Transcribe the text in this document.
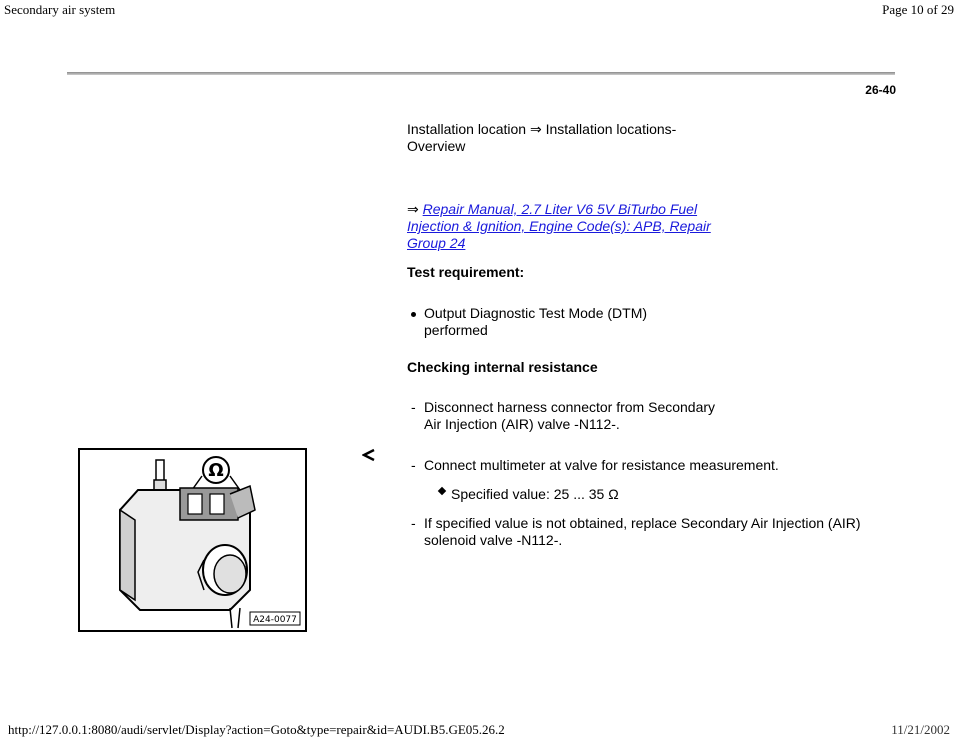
Secondary air system	Page 10 of 29
26-40
Installation location ⇒ Installation locations-
Overview
⇒ Repair Manual, 2.7 Liter V6 5V BiTurbo Fuel
Injection & Ignition, Engine Code(s): APB, Repair
Group 24
Test requirement:
Output Diagnostic Test Mode (DTM)
performed
Checking internal resistance
- Disconnect harness connector from Secondary
Air Injection (AIR) valve -N112-.
- Connect multimeter at valve for resistance measurement.
Specified value: 25 ... 35 Ω
- If specified value is not obtained, replace Secondary Air Injection (AIR)
solenoid valve -N112-.
Ω
A24-0077
http://127.0.0.1:8080/audi/servlet/Display?action=Goto&type=repair&id=AUDI.B5.GE05.26.2	11/21/2002
